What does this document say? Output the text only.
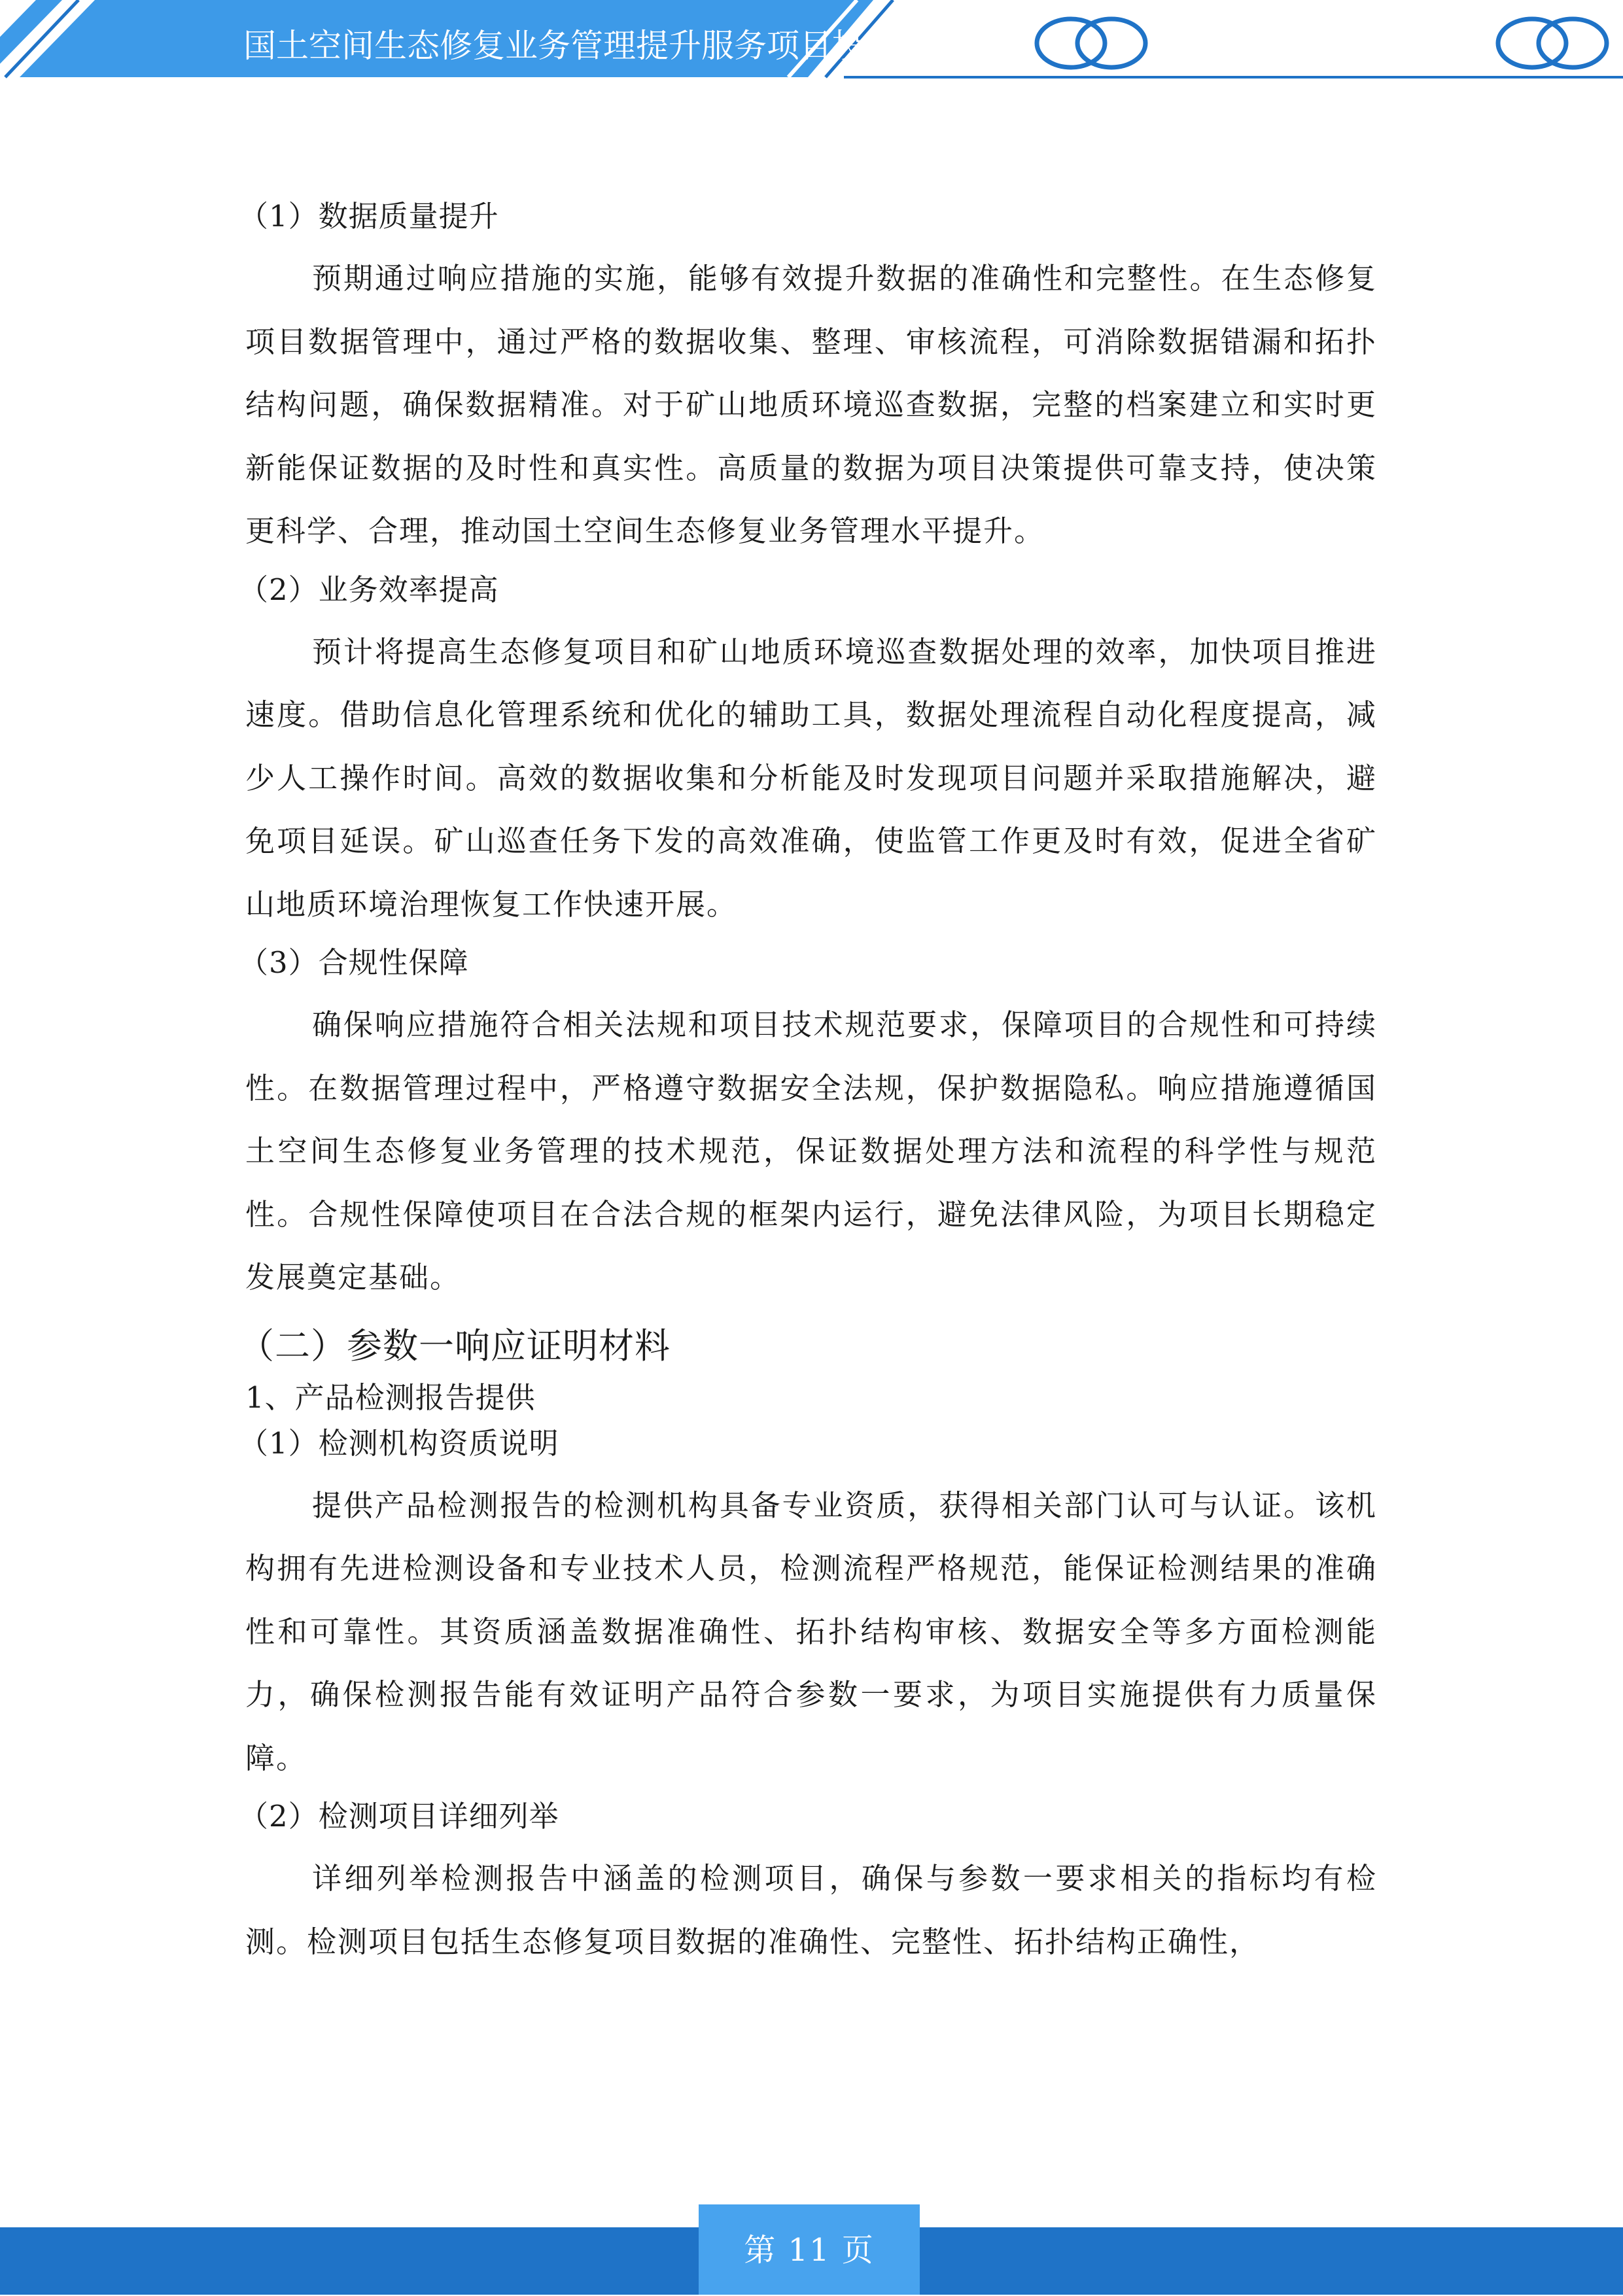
国土空间生态修复业务管理提升服务项目投标文件
（1）数据质量提升

预期通过响应措施的实施，能够有效提升数据的准确性和完整性。在生态修复项目数据管理中，通过严格的数据收集、整理、审核流程，可消除数据错漏和拓扑结构问题，确保数据精准。对于矿山地质环境巡查数据，完整的档案建立和实时更新能保证数据的及时性和真实性。高质量的数据为项目决策提供可靠支持，使决策更科学、合理，推动国土空间生态修复业务管理水平提升。

（2）业务效率提高

预计将提高生态修复项目和矿山地质环境巡查数据处理的效率，加快项目推进速度。借助信息化管理系统和优化的辅助工具，数据处理流程自动化程度提高，减少人工操作时间。高效的数据收集和分析能及时发现项目问题并采取措施解决，避免项目延误。矿山巡查任务下发的高效准确，使监管工作更及时有效，促进全省矿山地质环境治理恢复工作快速开展。

（3）合规性保障

确保响应措施符合相关法规和项目技术规范要求，保障项目的合规性和可持续性。在数据管理过程中，严格遵守数据安全法规，保护数据隐私。响应措施遵循国土空间生态修复业务管理的技术规范，保证数据处理方法和流程的科学性与规范性。合规性保障使项目在合法合规的框架内运行，避免法律风险，为项目长期稳定发展奠定基础。

（二）参数一响应证明材料
1、产品检测报告提供
（1）检测机构资质说明

提供产品检测报告的检测机构具备专业资质，获得相关部门认可与认证。该机构拥有先进检测设备和专业技术人员，检测流程严格规范，能保证检测结果的准确性和可靠性。其资质涵盖数据准确性、拓扑结构审核、数据安全等多方面检测能力，确保检测报告能有效证明产品符合参数一要求，为项目实施提供有力质量保障。

（2）检测项目详细列举

详细列举检测报告中涵盖的检测项目，确保与参数一要求相关的指标均有检测。检测项目包括生态修复项目数据的准确性、完整性、拓扑结构正确性，

第 11 页
